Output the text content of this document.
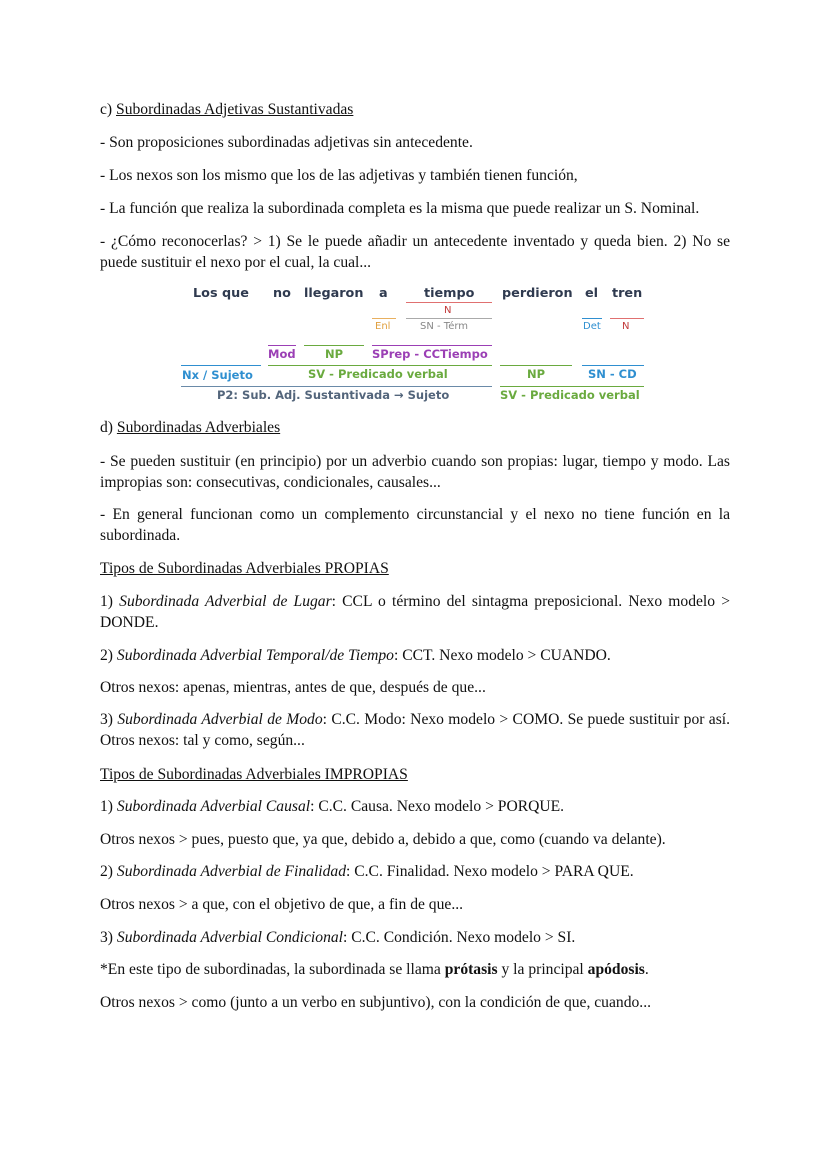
c) Subordinadas Adjetivas Sustantivadas

- Son proposiciones subordinadas adjetivas sin antecedente.

- Los nexos son los mismo que los de las adjetivas y también tienen función,

- La función que realiza la subordinada completa es la misma que puede realizar un S. Nominal.

- ¿Cómo reconocerlas? > 1) Se le puede añadir un antecedente inventado y queda bien. 2) No se puede sustituir el nexo por el cual, la cual...

Los que no llegaron a	tiempo perdieron el tren
N
Enl	SN - Térm	Det N
Mod	NP	SPrep - CCTiempo
Nx / Sujeto	SV - Predicado verbal	NP	SN - CD
P2: Sub. Adj. Sustantivada → Sujeto	SV - Predicado verbal

d) Subordinadas Adverbiales

- Se pueden sustituir (en principio) por un adverbio cuando son propias: lugar, tiempo y modo. Las impropias son: consecutivas, condicionales, causales...

- En general funcionan como un complemento circunstancial y el nexo no tiene función en la subordinada.

Tipos de Subordinadas Adverbiales PROPIAS

1) Subordinada Adverbial de Lugar: CCL o término del sintagma preposicional. Nexo modelo > DONDE.

2) Subordinada Adverbial Temporal/de Tiempo: CCT. Nexo modelo > CUANDO.

Otros nexos: apenas, mientras, antes de que, después de que...

3) Subordinada Adverbial de Modo: C.C. Modo: Nexo modelo > COMO. Se puede sustituir por así. Otros nexos: tal y como, según...

Tipos de Subordinadas Adverbiales IMPROPIAS

1) Subordinada Adverbial Causal: C.C. Causa. Nexo modelo > PORQUE.

Otros nexos > pues, puesto que, ya que, debido a, debido a que, como (cuando va delante).

2) Subordinada Adverbial de Finalidad: C.C. Finalidad. Nexo modelo > PARA QUE.

Otros nexos > a que, con el objetivo de que, a fin de que...

3) Subordinada Adverbial Condicional: C.C. Condición. Nexo modelo > SI.

*En este tipo de subordinadas, la subordinada se llama prótasis y la principal apódosis.

Otros nexos > como (junto a un verbo en subjuntivo), con la condición de que, cuando...
